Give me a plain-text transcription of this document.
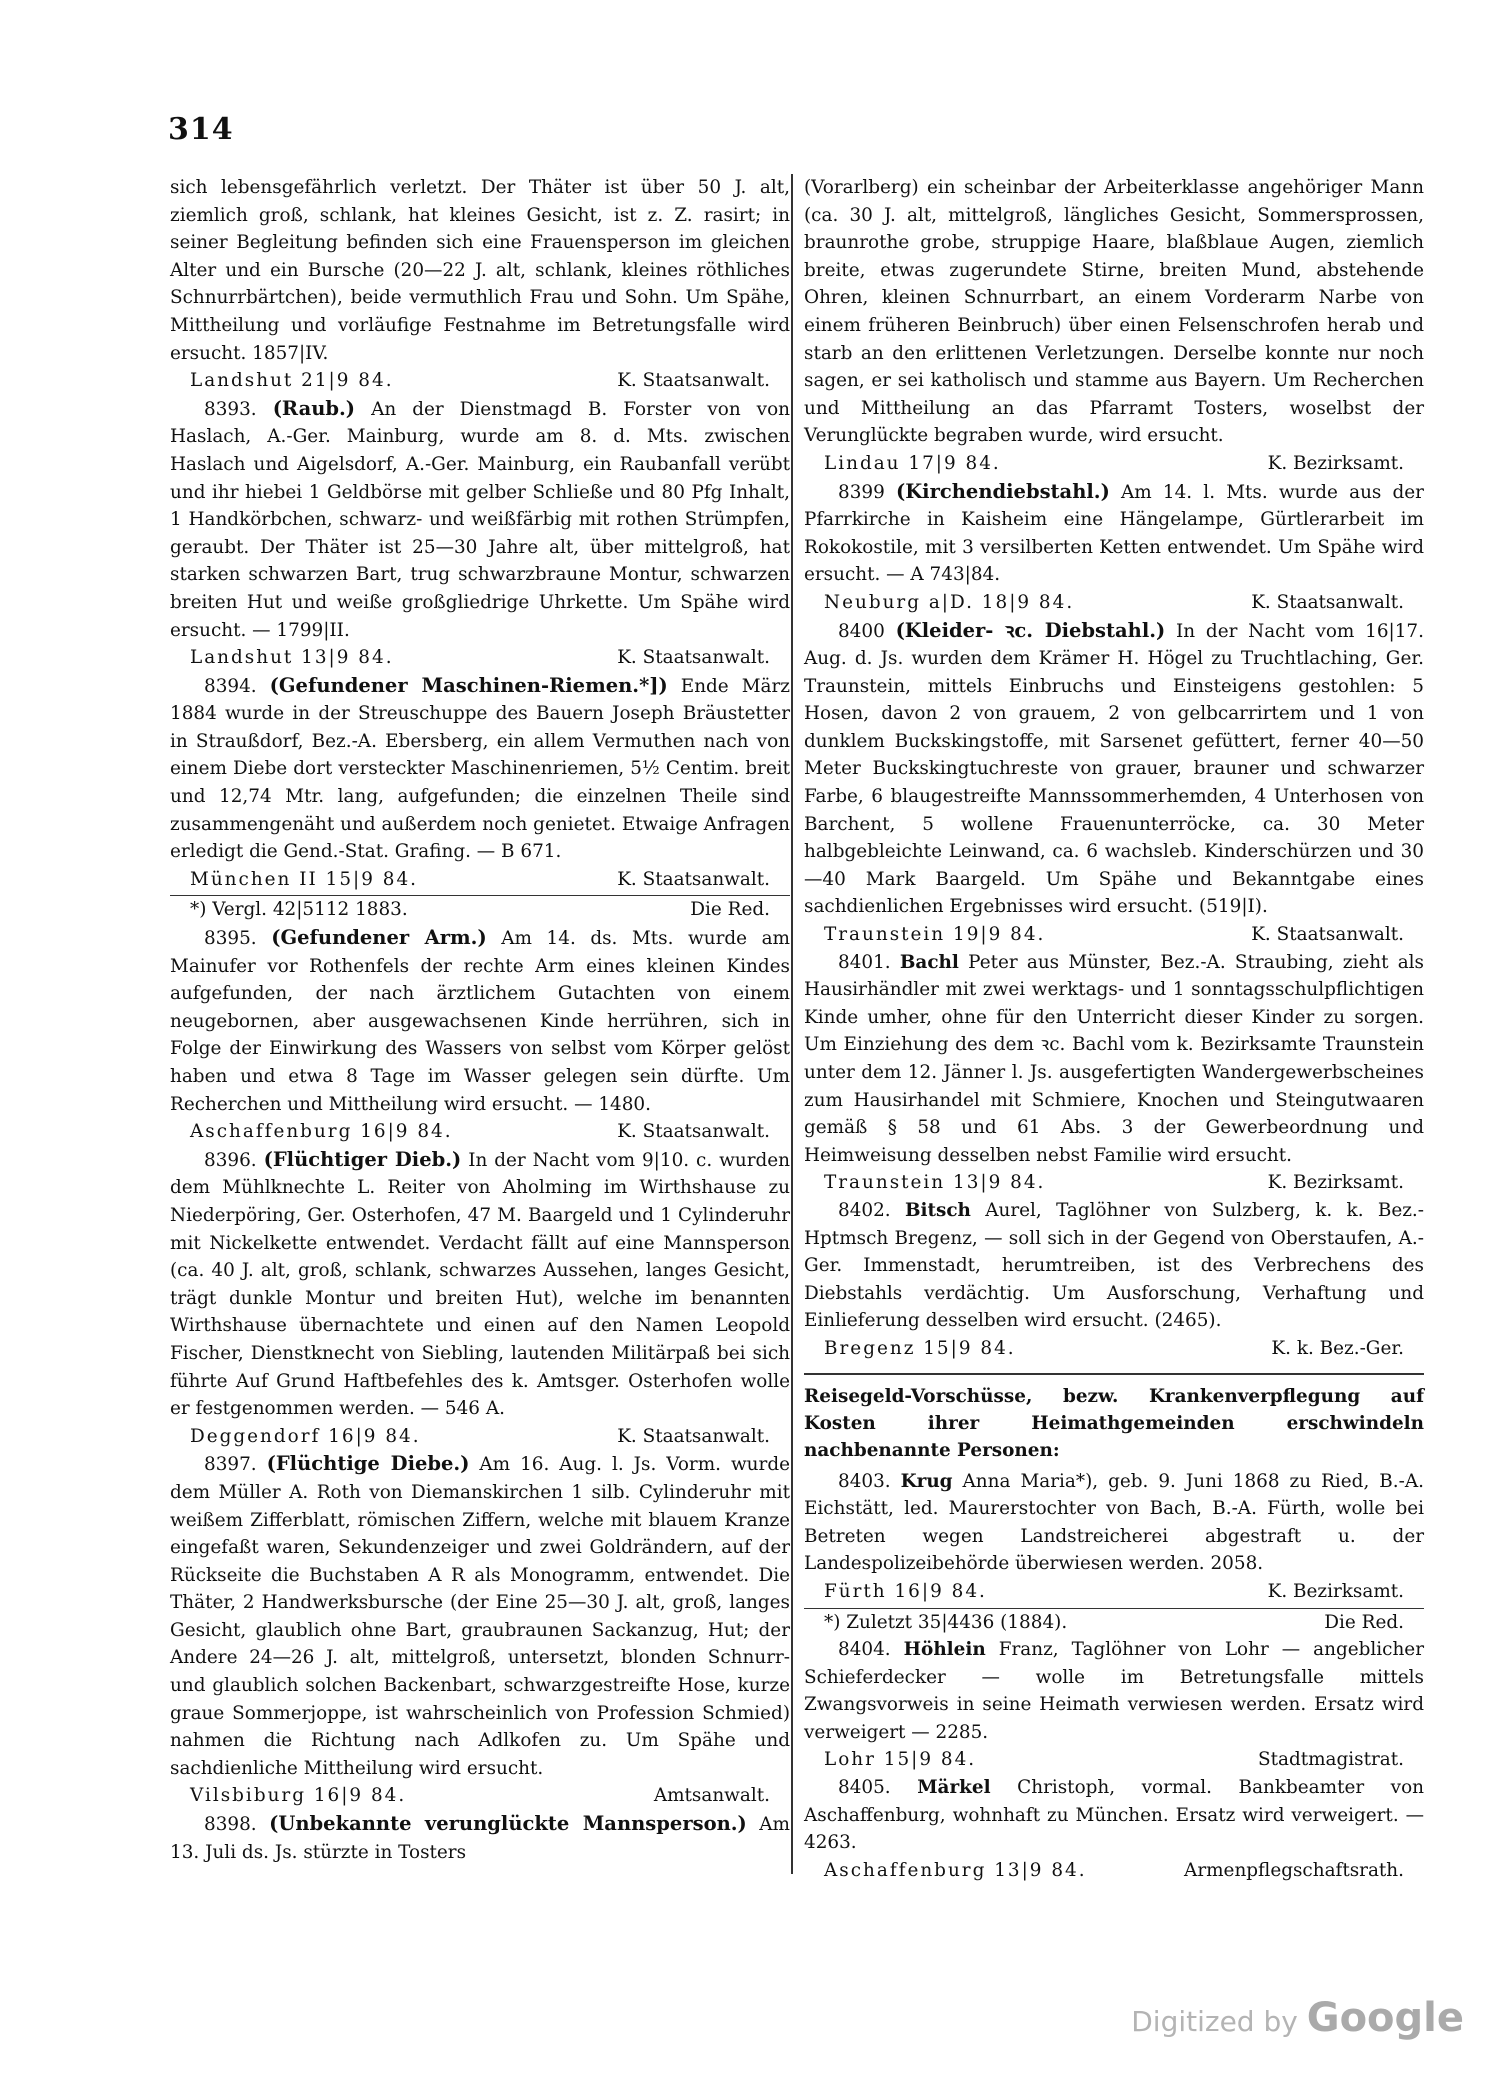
314

sich lebensgefährlich verletzt. Der Thäter ist über 50 J. alt, ziemlich groß, schlank, hat kleines Gesicht, ist z. Z. rasirt; in seiner Begleitung befinden sich eine Frauensperson im gleichen Alter und ein Bursche (20—22 J. alt, schlank, kleines röthliches Schnurrbärtchen), beide vermuthlich Frau und Sohn. Um Spähe, Mittheilung und vorläufige Festnahme im Betretungsfalle wird ersucht. 1857|IV.

Landshut 21|9 84.	K. Staatsanwalt.

8393. (Raub.) An der Dienstmagd B. Forster von von Haslach, A.-Ger. Mainburg, wurde am 8. d. Mts. zwischen Haslach und Aigelsdorf, A.-Ger. Mainburg, ein Raubanfall verübt und ihr hiebei 1 Geldbörse mit gelber Schließe und 80 Pfg Inhalt, 1 Handkörbchen, schwarz- und weißfärbig mit rothen Strümpfen, geraubt. Der Thäter ist 25—30 Jahre alt, über mittelgroß, hat starken schwarzen Bart, trug schwarzbraune Montur, schwarzen breiten Hut und weiße großgliedrige Uhrkette. Um Spähe wird ersucht. — 1799|II.

Landshut 13|9 84.	K. Staatsanwalt.

8394. (Gefundener Maschinen-Riemen.*]) Ende März 1884 wurde in der Streuschuppe des Bauern Joseph Bräustetter in Straußdorf, Bez.-A. Ebersberg, ein allem Vermuthen nach von einem Diebe dort versteckter Maschinenriemen, 5½ Centim. breit und 12,74 Mtr. lang, aufgefunden; die einzelnen Theile sind zusammengenäht und außerdem noch genietet. Etwaige Anfragen erledigt die Gend.-Stat. Grafing. — B 671.

München II 15|9 84.	K. Staatsanwalt.
*) Vergl. 42|5112 1883.	Die Red.

8395. (Gefundener Arm.) Am 14. ds. Mts. wurde am Mainufer vor Rothenfels der rechte Arm eines kleinen Kindes aufgefunden, der nach ärztlichem Gutachten von einem neugebornen, aber ausgewachsenen Kinde herrühren, sich in Folge der Einwirkung des Wassers von selbst vom Körper gelöst haben und etwa 8 Tage im Wasser gelegen sein dürfte. Um Recherchen und Mittheilung wird ersucht. — 1480.

Aschaffenburg 16|9 84.	K. Staatsanwalt.

8396. (Flüchtiger Dieb.) In der Nacht vom 9|10. c. wurden dem Mühlknechte L. Reiter von Aholming im Wirthshause zu Niederpöring, Ger. Osterhofen, 47 M. Baargeld und 1 Cylinderuhr mit Nickelkette entwendet. Verdacht fällt auf eine Mannsperson (ca. 40 J. alt, groß, schlank, schwarzes Aussehen, langes Gesicht, trägt dunkle Montur und breiten Hut), welche im benannten Wirthshause übernachtete und einen auf den Namen Leopold Fischer, Dienstknecht von Siebling, lautenden Militärpaß bei sich führte Auf Grund Haftbefehles des k. Amtsger. Osterhofen wolle er festgenommen werden. — 546 A.

Deggendorf 16|9 84.	K. Staatsanwalt.

8397. (Flüchtige Diebe.) Am 16. Aug. l. Js. Vorm. wurde dem Müller A. Roth von Diemanskirchen 1 silb. Cylinderuhr mit weißem Zifferblatt, römischen Ziffern, welche mit blauem Kranze eingefaßt waren, Sekundenzeiger und zwei Goldrändern, auf der Rückseite die Buchstaben A R als Monogramm, entwendet. Die Thäter, 2 Handwerksbursche (der Eine 25—30 J. alt, groß, langes Gesicht, glaublich ohne Bart, graubraunen Sackanzug, Hut; der Andere 24—26 J. alt, mittelgroß, untersetzt, blonden Schnurr- und glaublich solchen Backenbart, schwarzgestreifte Hose, kurze graue Sommerjoppe, ist wahrscheinlich von Profession Schmied) nahmen die Richtung nach Adlkofen zu. Um Spähe und sachdienliche Mittheilung wird ersucht.

Vilsbiburg 16|9 84.	Amtsanwalt.

8398. (Unbekannte verunglückte Mannsperson.) Am 13. Juli ds. Js. stürzte in Tosters

(Vorarlberg) ein scheinbar der Arbeiterklasse angehöriger Mann (ca. 30 J. alt, mittelgroß, längliches Gesicht, Sommersprossen, braunrothe grobe, struppige Haare, blaßblaue Augen, ziemlich breite, etwas zugerundete Stirne, breiten Mund, abstehende Ohren, kleinen Schnurrbart, an einem Vorderarm Narbe von einem früheren Beinbruch) über einen Felsenschrofen herab und starb an den erlittenen Verletzungen. Derselbe konnte nur noch sagen, er sei katholisch und stamme aus Bayern. Um Recherchen und Mittheilung an das Pfarramt Tosters, woselbst der Verunglückte begraben wurde, wird ersucht.

Lindau 17|9 84.	K. Bezirksamt.

8399 (Kirchendiebstahl.) Am 14. l. Mts. wurde aus der Pfarrkirche in Kaisheim eine Hängelampe, Gürtlerarbeit im Rokokostile, mit 3 versilberten Ketten entwendet. Um Spähe wird ersucht. — A 743|84.

Neuburg a|D. 18|9 84.	K. Staatsanwalt.

8400 (Kleider- ꝛc. Diebstahl.) In der Nacht vom 16|17. Aug. d. Js. wurden dem Krämer H. Högel zu Truchtlaching, Ger. Traunstein, mittels Einbruchs und Einsteigens gestohlen: 5 Hosen, davon 2 von grauem, 2 von gelbcarrirtem und 1 von dunklem Buckskingstoffe, mit Sarsenet gefüttert, ferner 40—50 Meter Buckskingtuchreste von grauer, brauner und schwarzer Farbe, 6 blaugestreifte Mannssommerhemden, 4 Unterhosen von Barchent, 5 wollene Frauenunterröcke, ca. 30 Meter halbgebleichte Leinwand, ca. 6 wachsleb. Kinderschürzen und 30—40 Mark Baargeld. Um Spähe und Bekanntgabe eines sachdienlichen Ergebnisses wird ersucht. (519|I).

Traunstein 19|9 84.	K. Staatsanwalt.

8401. Bachl Peter aus Münster, Bez.-A. Straubing, zieht als Hausirhändler mit zwei werktags- und 1 sonntagsschulpflichtigen Kinde umher, ohne für den Unterricht dieser Kinder zu sorgen. Um Einziehung des dem ꝛc. Bachl vom k. Bezirksamte Traunstein unter dem 12. Jänner l. Js. ausgefertigten Wandergewerbscheines zum Hausirhandel mit Schmiere, Knochen und Steingutwaaren gemäß § 58 und 61 Abs. 3 der Gewerbeordnung und Heimweisung desselben nebst Familie wird ersucht.

Traunstein 13|9 84.	K. Bezirksamt.

8402. Bitsch Aurel, Taglöhner von Sulzberg, k. k. Bez.-Hptmsch Bregenz, — soll sich in der Gegend von Oberstaufen, A.-Ger. Immenstadt, herumtreiben, ist des Verbrechens des Diebstahls verdächtig. Um Ausforschung, Verhaftung und Einlieferung desselben wird ersucht. (2465).

Bregenz 15|9 84.	K. k. Bez.-Ger.
Reisegeld-Vorschüsse, bezw. Krankenverpflegung auf Kosten ihrer Heimathgemeinden erschwindeln nachbenannte Personen:

8403. Krug Anna Maria*), geb. 9. Juni 1868 zu Ried, B.-A. Eichstätt, led. Maurerstochter von Bach, B.-A. Fürth, wolle bei Betreten wegen Landstreicherei abgestraft u. der Landespolizeibehörde überwiesen werden. 2058.

Fürth 16|9 84.	K. Bezirksamt.
*) Zuletzt 35|4436 (1884).	Die Red.

8404. Höhlein Franz, Taglöhner von Lohr — angeblicher Schieferdecker — wolle im Betretungsfalle mittels Zwangsvorweis in seine Heimath verwiesen werden. Ersatz wird verweigert — 2285.

Lohr 15|9 84.	Stadtmagistrat.

8405. Märkel Christoph, vormal. Bankbeamter von Aschaffenburg, wohnhaft zu München. Ersatz wird verweigert. — 4263.

Aschaffenburg 13|9 84.	Armenpflegschaftsrath.
Digitized by Google
